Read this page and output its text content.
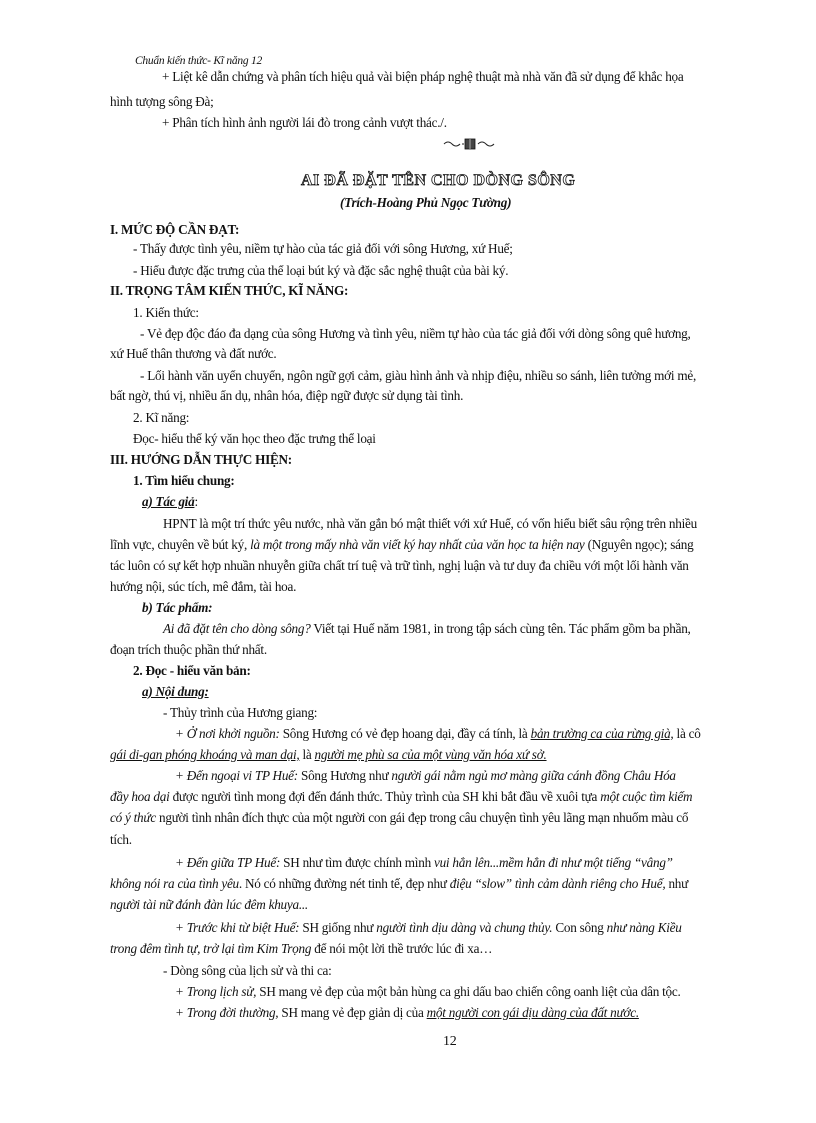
Chuẩn kiến thức- Kĩ năng 12
+ Liệt kê dẫn chứng và phân tích hiệu quả vài biện pháp nghệ thuật mà nhà văn đã sử dụng để khắc họa
hình tượng sông Đà;
+ Phân tích hình ảnh người lái đò trong cảnh vượt thác./.
AI ĐÃ ĐẶT TÊN CHO DÒNG SÔNG
(Trích-Hoàng Phủ Ngọc Tường)
I. MỨC ĐỘ CẦN ĐẠT:
- Thấy được tình yêu, niềm tự hào của tác giả đối với sông Hương, xứ Huế;
- Hiểu được đặc trưng của thể loại bút ký và đặc sắc nghệ thuật của bài ký.
II. TRỌNG TÂM KIẾN THỨC, KĨ NĂNG:
1. Kiến thức:
- Vẻ đẹp độc đáo đa dạng của sông Hương và tình yêu, niềm tự hào của tác giả đối với dòng sông quê hương,
xứ Huế thân thương và đất nước.
- Lối hành văn uyển chuyển, ngôn ngữ gợi cảm, giàu hình ảnh và nhịp điệu, nhiều so sánh, liên tưởng mới mẻ,
bất ngờ, thú vị, nhiều ẩn dụ, nhân hóa, điệp ngữ được sử dụng tài tình.
2. Kĩ năng:
Đọc- hiểu thể ký văn học theo đặc trưng thể loại
III. HƯỚNG DẪN THỰC HIỆN:
1. Tìm hiểu chung:
a) Tác giả:
HPNT là một trí thức yêu nước, nhà văn gắn bó mật thiết với xứ Huế, có vốn hiểu biết sâu rộng trên nhiều
lĩnh vực, chuyên về bút ký, là một trong mấy nhà văn viết ký hay nhất của văn học ta hiện nay (Nguyên ngọc); sáng
tác luôn có sự kết hợp nhuần nhuyễn giữa chất trí tuệ và trữ tình, nghị luận và tư duy đa chiều với một lối hành văn
hướng nội, súc tích, mê đắm, tài hoa.
b) Tác phẩm:
Ai đã đặt tên cho dòng sông? Viết tại Huế năm 1981, in trong tập sách cùng tên. Tác phẩm gồm ba phần,
đoạn trích thuộc phần thứ nhất.
2. Đọc - hiểu văn bản:
a) Nội dung:
- Thủy trình của Hương giang:
+ Ở nơi khởi nguồn: Sông Hương có vẻ đẹp hoang dại, đầy cá tính, là bản trường ca của rừng già, là cô
gái di-gan phóng khoáng và man dại, là người mẹ phù sa của một vùng văn hóa xứ sở.
+ Đến ngoại vi TP Huế: Sông Hương như người gái nằm ngủ mơ màng giữa cánh đồng Châu Hóa
đầy hoa dại được người tình mong đợi đến đánh thức. Thủy trình của SH khi bắt đầu về xuôi tựa một cuộc tìm kiếm
có ý thức người tình nhân đích thực của một người con gái đẹp trong câu chuyện tình yêu lãng mạn nhuốm màu cổ
tích.
+ Đến giữa TP Huế: SH như tìm được chính mình vui hẳn lên...mềm hẳn đi như một tiếng “vâng”
không nói ra của tình yêu. Nó có những đường nét tinh tế, đẹp như điệu “slow” tình cảm dành riêng cho Huế, như
người tài nữ đánh đàn lúc đêm khuya...
+ Trước khi từ biệt Huế: SH giống như người tình dịu dàng và chung thủy. Con sông như nàng Kiều
trong đêm tình tự, trở lại tìm Kim Trọng để nói một lời thề trước lúc đi xa…
- Dòng sông của lịch sử và thi ca:
+ Trong lịch sử, SH mang vẻ đẹp của một bản hùng ca ghi dấu bao chiến công oanh liệt của dân tộc.
+ Trong đời thường, SH mang vẻ đẹp giản dị của một người con gái dịu dàng của đất nước.
12
